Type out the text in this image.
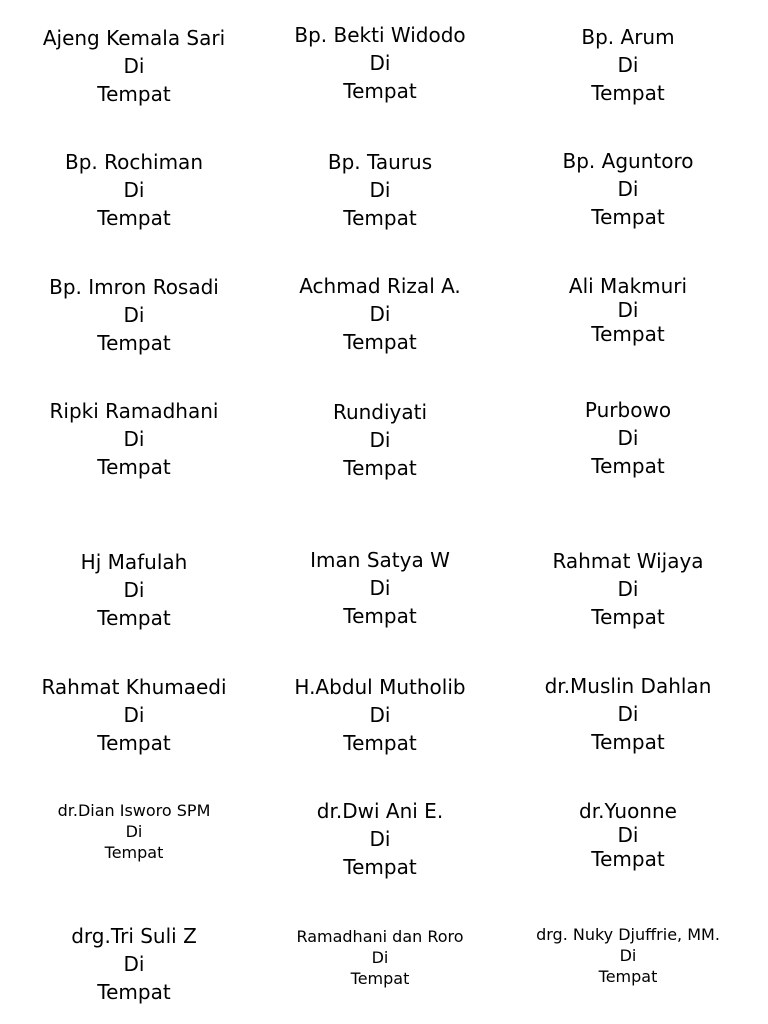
Ajeng Kemala Sari
Di
Tempat
Bp. Bekti Widodo
Di
Tempat
Bp. Arum
Di
Tempat
Bp. Rochiman
Di
Tempat
Bp. Taurus
Di
Tempat
Bp. Aguntoro
Di
Tempat
Bp. Imron Rosadi
Di
Tempat
Achmad Rizal A.
Di
Tempat
Ali Makmuri
Di
Tempat
Ripki Ramadhani
Di
Tempat
Rundiyati
Di
Tempat
Purbowo
Di
Tempat
Hj Mafulah
Di
Tempat
Iman Satya W
Di
Tempat
Rahmat Wijaya
Di
Tempat
Rahmat Khumaedi
Di
Tempat
H.Abdul Mutholib
Di
Tempat
dr.Muslin Dahlan
Di
Tempat
dr.Dian Isworo SPM
Di
Tempat
dr.Dwi Ani E.
Di
Tempat
dr.Yuonne
Di
Tempat
drg.Tri Suli Z
Di
Tempat
Ramadhani dan Roro
Di
Tempat
drg. Nuky Djuffrie, MM.
Di
Tempat
